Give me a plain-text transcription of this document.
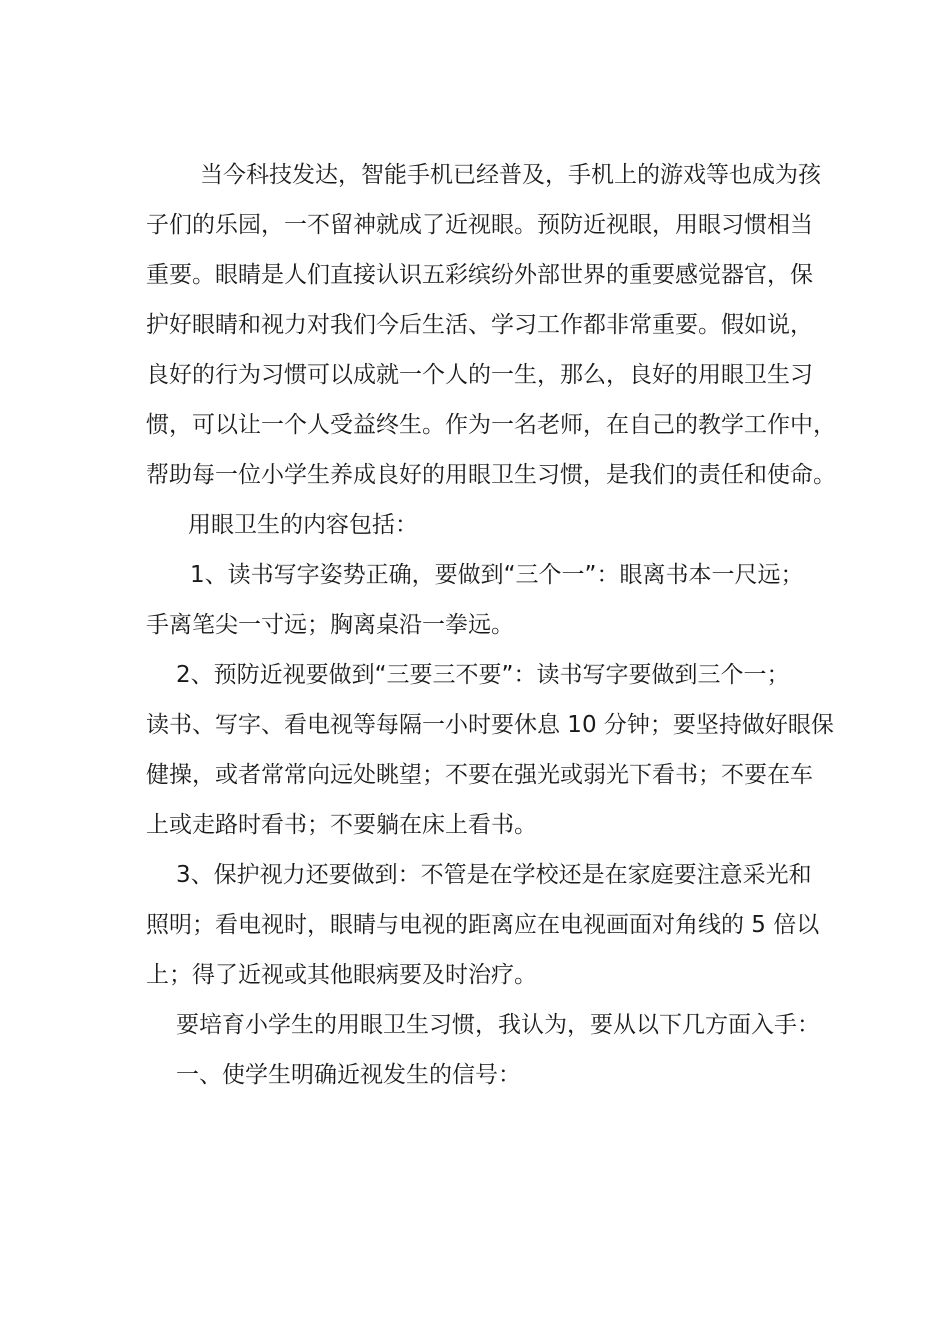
当今科技发达，智能手机已经普及，手机上的游戏等也成为孩
子们的乐园，一不留神就成了近视眼。预防近视眼，用眼习惯相当
重要。眼睛是人们直接认识五彩缤纷外部世界的重要感觉器官，保
护好眼睛和视力对我们今后生活、学习工作都非常重要。假如说，
良好的行为习惯可以成就一个人的一生，那么，良好的用眼卫生习
惯，可以让一个人受益终生。作为一名老师，在自己的教学工作中，
帮助每一位小学生养成良好的用眼卫生习惯，是我们的责任和使命。
用眼卫生的内容包括：
1、读书写字姿势正确，要做到“三个一”：眼离书本一尺远；
手离笔尖一寸远；胸离桌沿一拳远。
2、预防近视要做到“三要三不要”：读书写字要做到三个一；
读书、写字、看电视等每隔一小时要休息 10 分钟；要坚持做好眼保
健操，或者常常向远处眺望；不要在强光或弱光下看书；不要在车
上或走路时看书；不要躺在床上看书。
3、保护视力还要做到：不管是在学校还是在家庭要注意采光和
照明；看电视时，眼睛与电视的距离应在电视画面对角线的 5 倍以
上；得了近视或其他眼病要及时治疗。
要培育小学生的用眼卫生习惯，我认为，要从以下几方面入手：
一、使学生明确近视发生的信号：
